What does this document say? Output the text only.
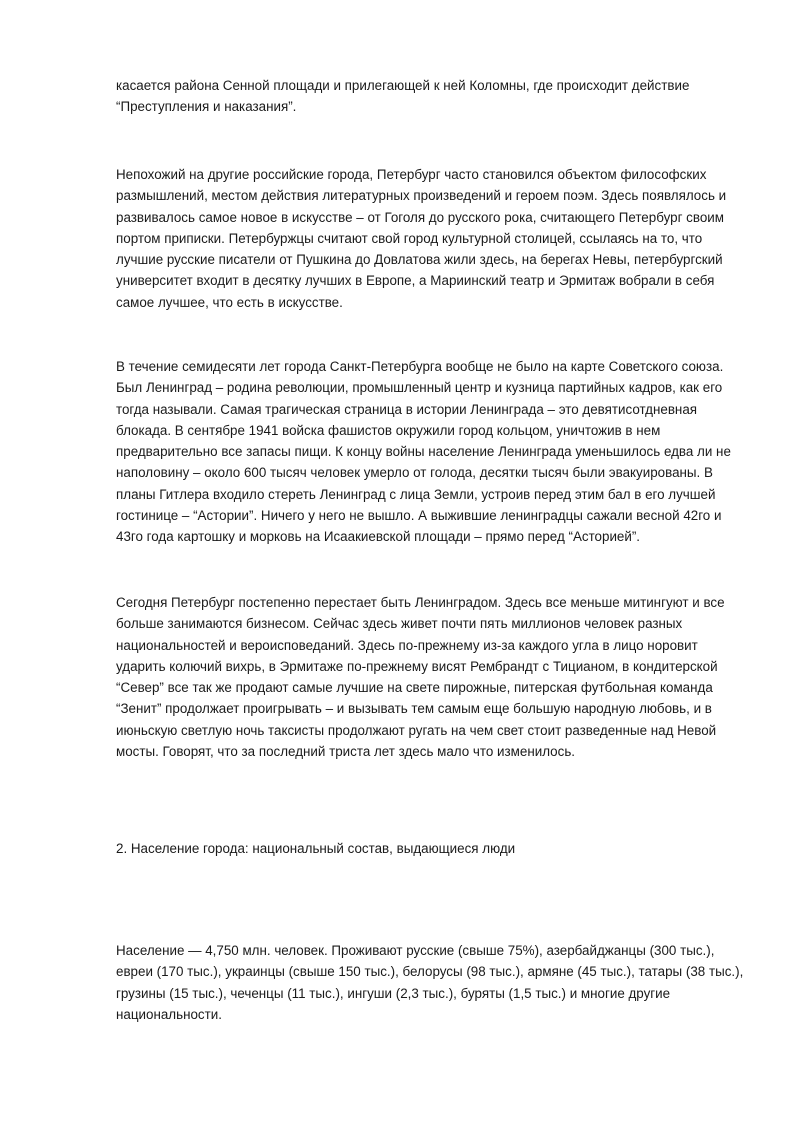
касается района Сенной площади и прилегающей к ней Коломны, где происходит действие
“Преступления и наказания”.

Непохожий на другие российские города, Петербург часто становился объектом философских
размышлений, местом действия литературных произведений и героем поэм. Здесь появлялось и
развивалось самое новое в искусстве – от Гоголя до русского рока, считающего Петербург своим
портом приписки. Петербуржцы считают свой город культурной столицей, ссылаясь на то, что
лучшие русские писатели от Пушкина до Довлатова жили здесь, на берегах Невы, петербургский
университет входит в десятку лучших в Европе, а Мариинский театр и Эрмитаж вобрали в себя
самое лучшее, что есть в искусстве.

В течение семидесяти лет города Санкт-Петербурга вообще не было на карте Советского союза.
Был Ленинград – родина революции, промышленный центр и кузница партийных кадров, как его
тогда называли. Самая трагическая страница в истории Ленинграда – это девятисотдневная
блокада. В сентябре 1941 войска фашистов окружили город кольцом, уничтожив в нем
предварительно все запасы пищи. К концу войны население Ленинграда уменьшилось едва ли не
наполовину – около 600 тысяч человек умерло от голода, десятки тысяч были эвакуированы. В
планы Гитлера входило стереть Ленинград с лица Земли, устроив перед этим бал в его лучшей
гостинице – “Астории”. Ничего у него не вышло. А выжившие ленинградцы сажали весной 42го и
43го года картошку и морковь на Исаакиевской площади – прямо перед “Асторией”.

Сегодня Петербург постепенно перестает быть Ленинградом. Здесь все меньше митингуют и все
больше занимаются бизнесом. Сейчас здесь живет почти пять миллионов человек разных
национальностей и вероисповеданий. Здесь по-прежнему из-за каждого угла в лицо норовит
ударить колючий вихрь, в Эрмитаже по-прежнему висят Рембрандт с Тицианом, в кондитерской
“Север” все так же продают самые лучшие на свете пирожные, питерская футбольная команда
“Зенит” продолжает проигрывать – и вызывать тем самым еще большую народную любовь, и в
июньскую светлую ночь таксисты продолжают ругать на чем свет стоит разведенные над Невой
мосты. Говорят, что за последний триста лет здесь мало что изменилось.

2. Население города: национальный состав, выдающиеся люди

Население — 4,750 млн. человек. Проживают русские (свыше 75%), азербайджанцы (300 тыс.),
евреи (170 тыс.), украинцы (свыше 150 тыс.), белорусы (98 тыс.), армяне (45 тыс.), татары (38 тыс.),
грузины (15 тыс.), чеченцы (11 тыс.), ингуши (2,3 тыс.), буряты (1,5 тыс.) и многие другие
национальности.
